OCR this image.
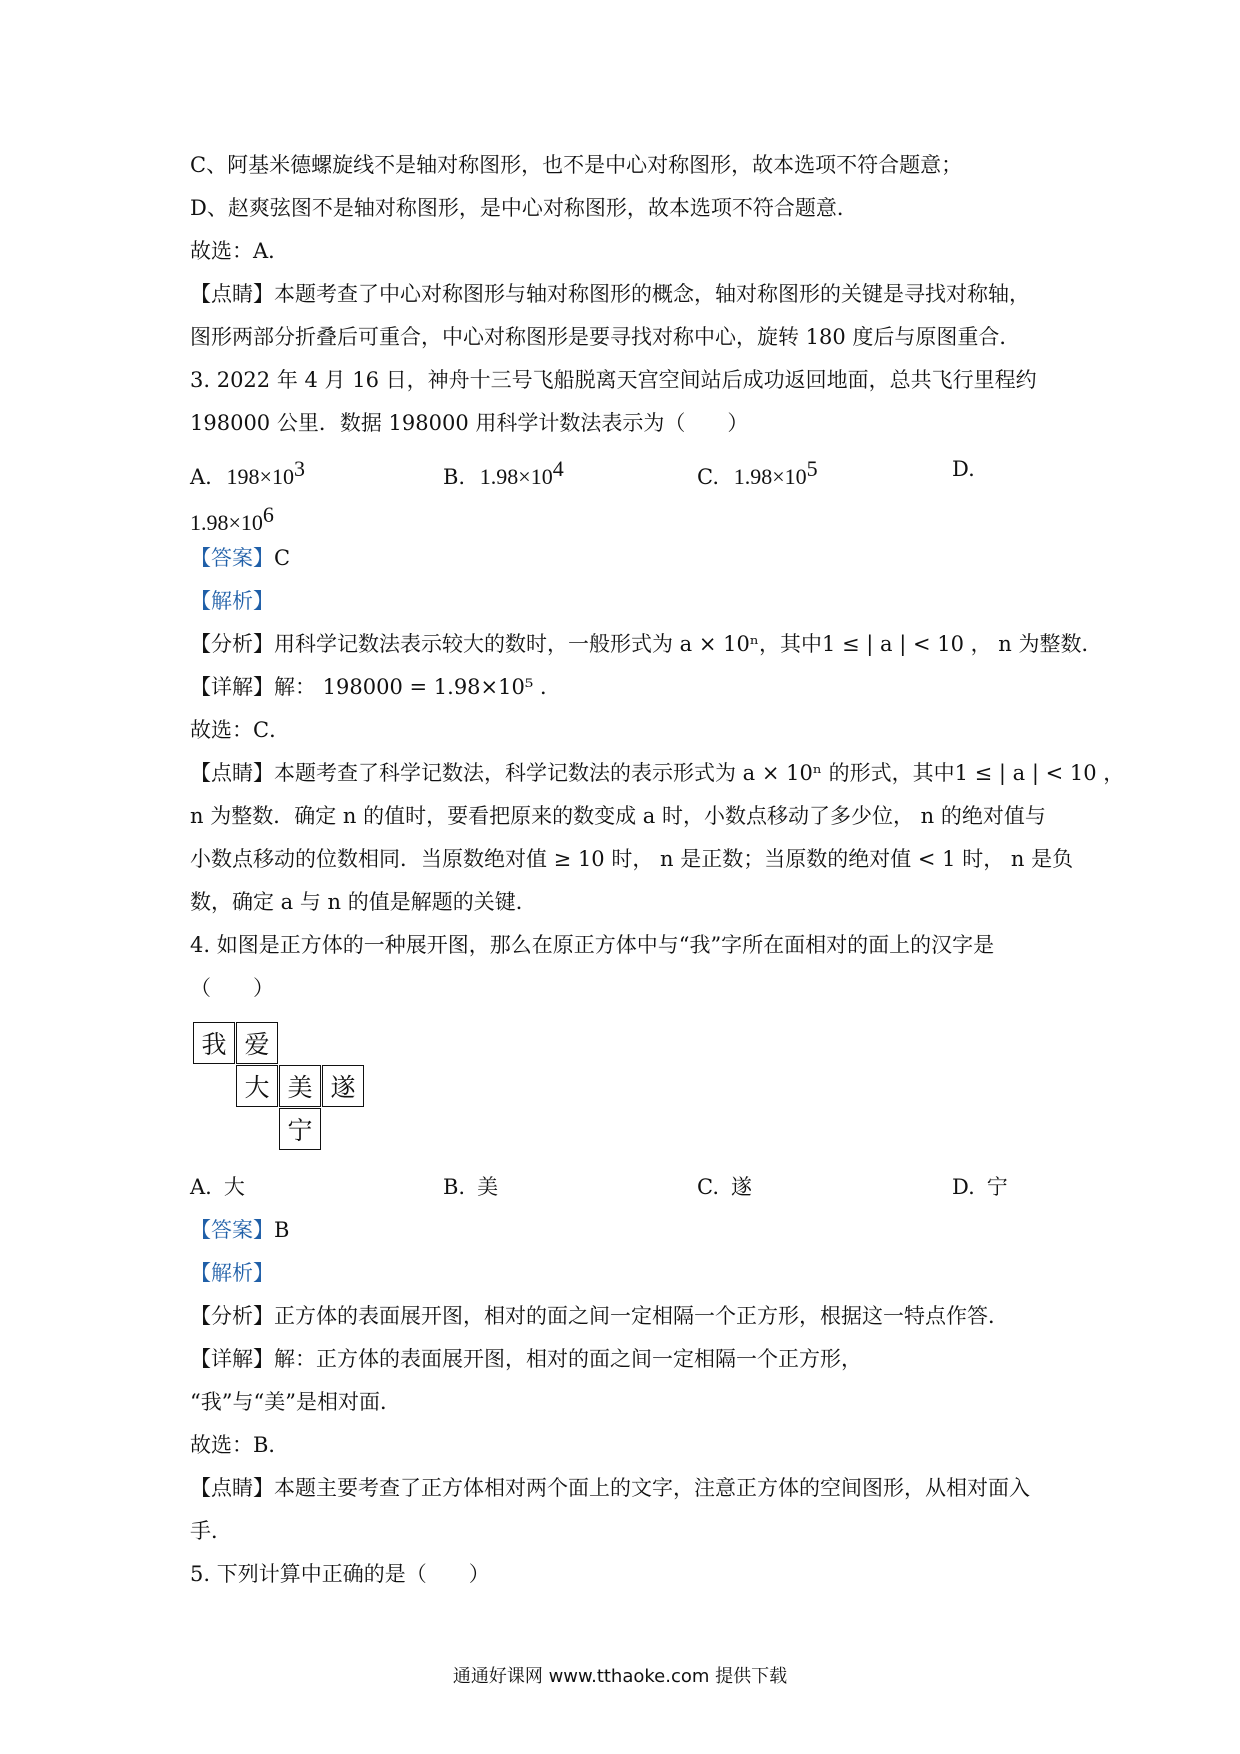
C、阿基米德螺旋线不是轴对称图形，也不是中心对称图形，故本选项不符合题意；
D、赵爽弦图不是轴对称图形，是中心对称图形，故本选项不符合题意．
故选：A．
【点睛】本题考查了中心对称图形与轴对称图形的概念，轴对称图形的关键是寻找对称轴，
图形两部分折叠后可重合，中心对称图形是要寻找对称中心，旋转 180 度后与原图重合．
3. 2022 年 4 月 16 日，神舟十三号飞船脱离天宫空间站后成功返回地面，总共飞行里程约
198000 公里．数据 198000 用科学计数法表示为（　　）
A. $198\times 10^3$	B. $1.98\times 10^4$	C. $1.98\times 10^5$	D.
$1.98\times 10^6$
【答案】C
【解析】
【分析】用科学记数法表示较大的数时，一般形式为 a × 10ⁿ，其中1 ≤ | a | < 10 ， n 为整数．
【详解】解： 198000 = 1.98×10⁵ ．
故选：C．
【点睛】本题考查了科学记数法，科学记数法的表示形式为 a × 10ⁿ 的形式，其中1 ≤ | a | < 10 ，
n 为整数．确定 n 的值时，要看把原来的数变成 a 时，小数点移动了多少位， n 的绝对值与
小数点移动的位数相同．当原数绝对值 ≥ 10 时， n 是正数；当原数的绝对值 < 1 时， n 是负
数，确定 a 与 n 的值是解题的关键．
4. 如图是正方体的一种展开图，那么在原正方体中与“我”字所在面相对的面上的汉字是
（　　）
我 爱
大 美 遂
宁
A. 大	B. 美	C. 遂	D. 宁
【答案】B
【解析】
【分析】正方体的表面展开图，相对的面之间一定相隔一个正方形，根据这一特点作答．
【详解】解：正方体的表面展开图，相对的面之间一定相隔一个正方形，
“我”与“美”是相对面．
故选：B．
【点睛】本题主要考查了正方体相对两个面上的文字，注意正方体的空间图形，从相对面入
手．
5. 下列计算中正确的是（　　）
通通好课网 www.tthaoke.com 提供下载
